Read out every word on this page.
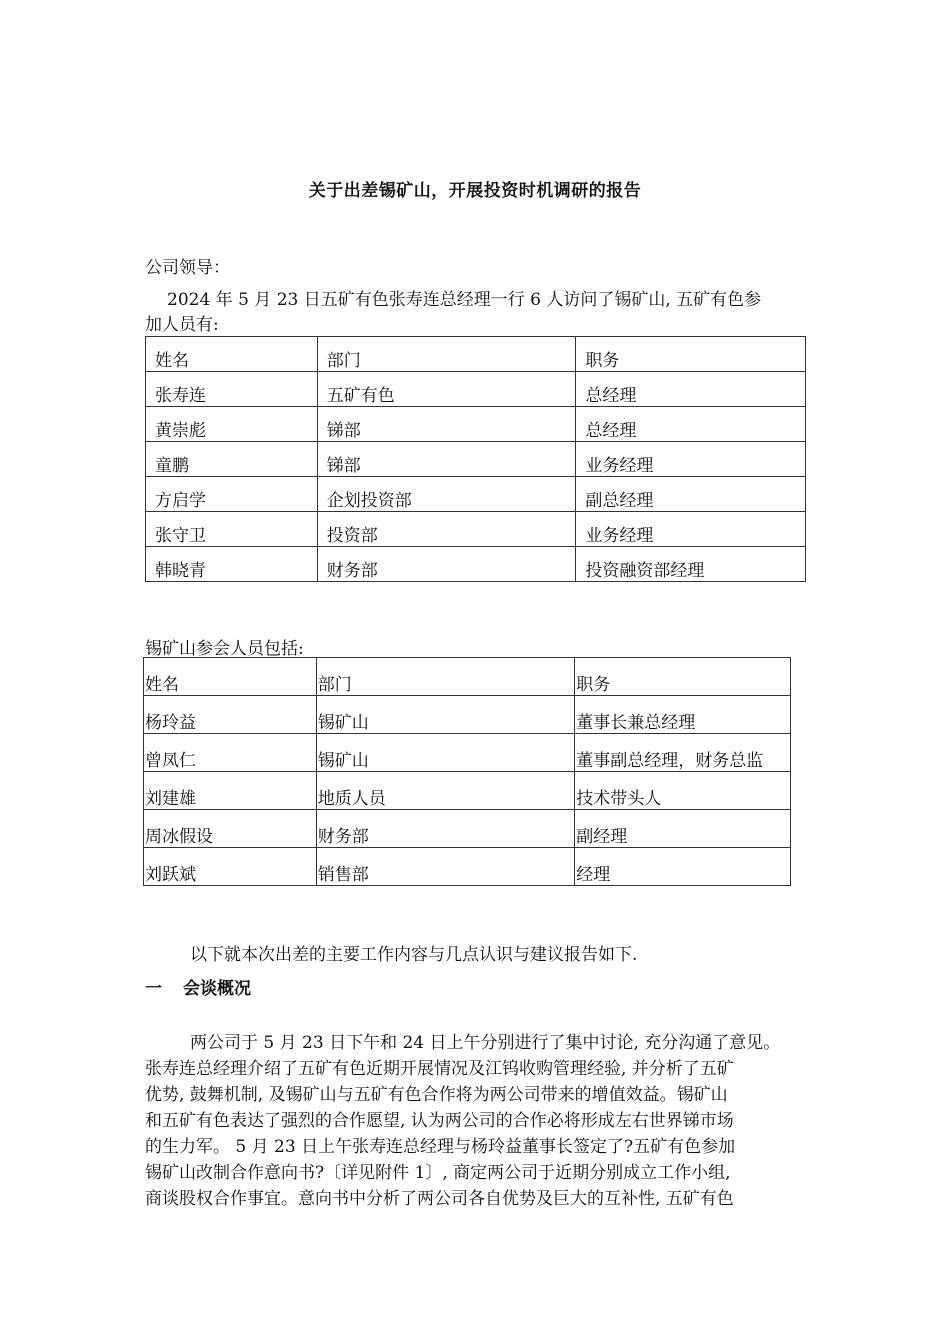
关于出差锡矿山，开展投资时机调研的报告
公司领导：

2024 年 5 月 23 日五矿有色张寿连总经理一行 6 人访问了锡矿山, 五矿有色参
加人员有:

姓名	部门	职务
张寿连	五矿有色	总经理
黄崇彪	锑部	总经理
童鹏	锑部	业务经理
方启学	企划投资部	副总经理
张守卫	投资部	业务经理
韩晓青	财务部	投资融资部经理
锡矿山参会人员包括:
姓名	部门	职务
杨玲益	锡矿山	董事长兼总经理
曾凤仁	锡矿山	董事副总经理，财务总监
刘建雄	地质人员	技术带头人
周冰假设	财务部	副经理
刘跃斌	销售部	经理
以下就本次出差的主要工作内容与几点认识与建议报告如下.
一 会谈概况

两公司于 5 月 23 日下午和 24 日上午分别进行了集中讨论, 充分沟通了意见。
张寿连总经理介绍了五矿有色近期开展情况及江钨收购管理经验, 并分析了五矿
优势, 鼓舞机制, 及锡矿山与五矿有色合作将为两公司带来的增值效益。锡矿山
和五矿有色表达了强烈的合作愿望, 认为两公司的合作必将形成左右世界锑市场
的生力军。 5 月 23 日上午张寿连总经理与杨玲益董事长签定了?五矿有色参加
锡矿山改制合作意向书?〔详见附件 1〕, 商定两公司于近期分别成立工作小组,
商谈股权合作事宜。意向书中分析了两公司各自优势及巨大的互补性, 五矿有色
